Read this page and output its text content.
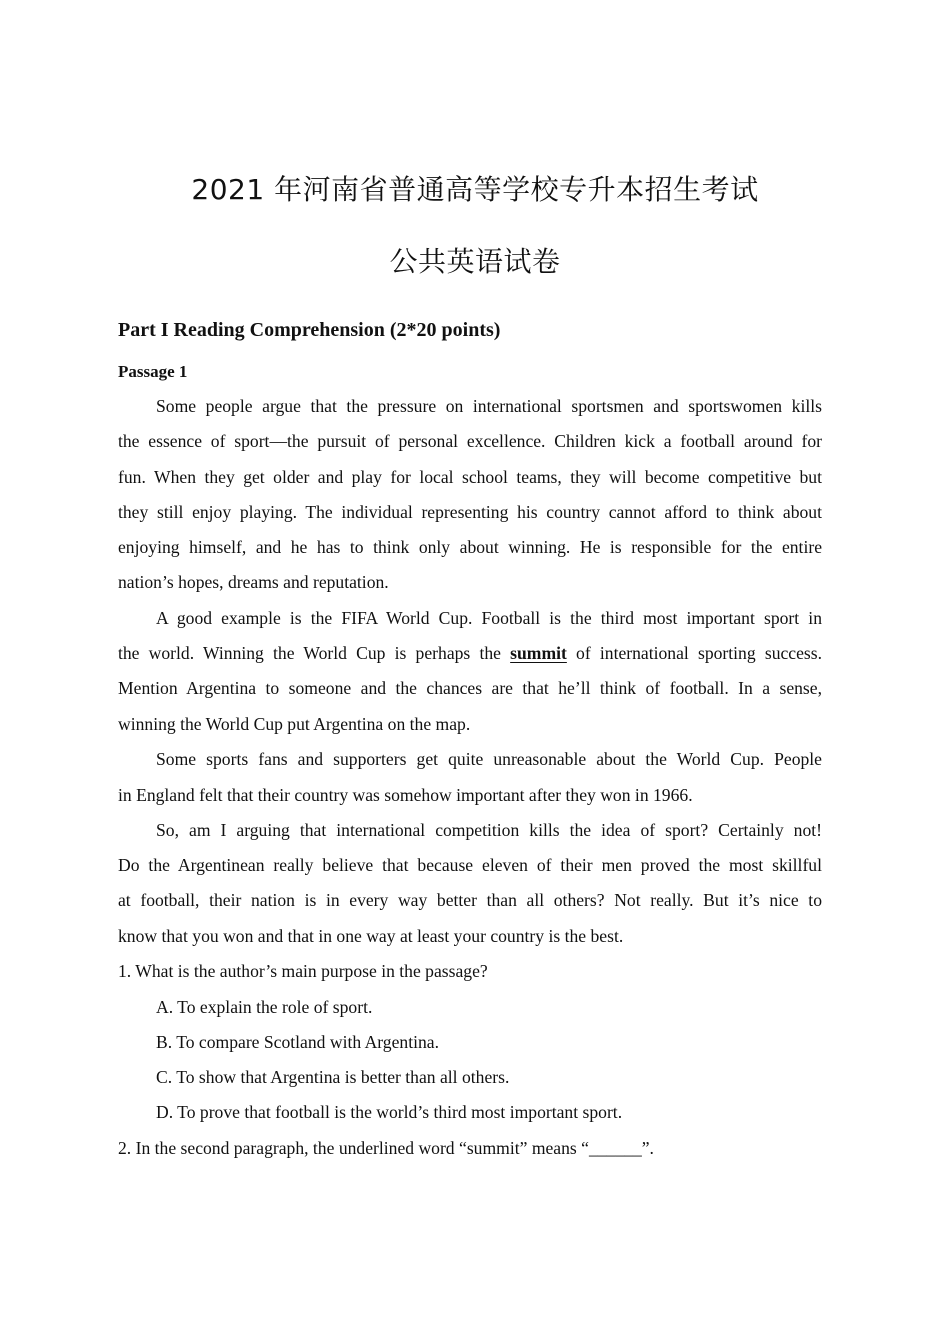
2021 年河南省普通高等学校专升本招生考试
公共英语试卷
Part I Reading Comprehension (2*20 points)
Passage 1
Some people argue that the pressure on international sportsmen and sportswomen kills
the essence of sport—the pursuit of personal excellence. Children kick a football around for
fun. When they get older and play for local school teams, they will become competitive but
they still enjoy playing. The individual representing his country cannot afford to think about
enjoying himself, and he has to think only about winning. He is responsible for the entire
nation’s hopes, dreams and reputation.
A good example is the FIFA World Cup. Football is the third most important sport in
the world. Winning the World Cup is perhaps the summit of international sporting success.
Mention Argentina to someone and the chances are that he’ll think of football. In a sense,
winning the World Cup put Argentina on the map.
Some sports fans and supporters get quite unreasonable about the World Cup. People
in England felt that their country was somehow important after they won in 1966.
So, am I arguing that international competition kills the idea of sport? Certainly not!
Do the Argentinean really believe that because eleven of their men proved the most skillful
at football, their nation is in every way better than all others? Not really. But it’s nice to
know that you won and that in one way at least your country is the best.
1. What is the author’s main purpose in the passage?
A. To explain the role of sport.
B. To compare Scotland with Argentina.
C. To show that Argentina is better than all others.
D. To prove that football is the world’s third most important sport.
2. In the second paragraph, the underlined word “summit” means “______”.
